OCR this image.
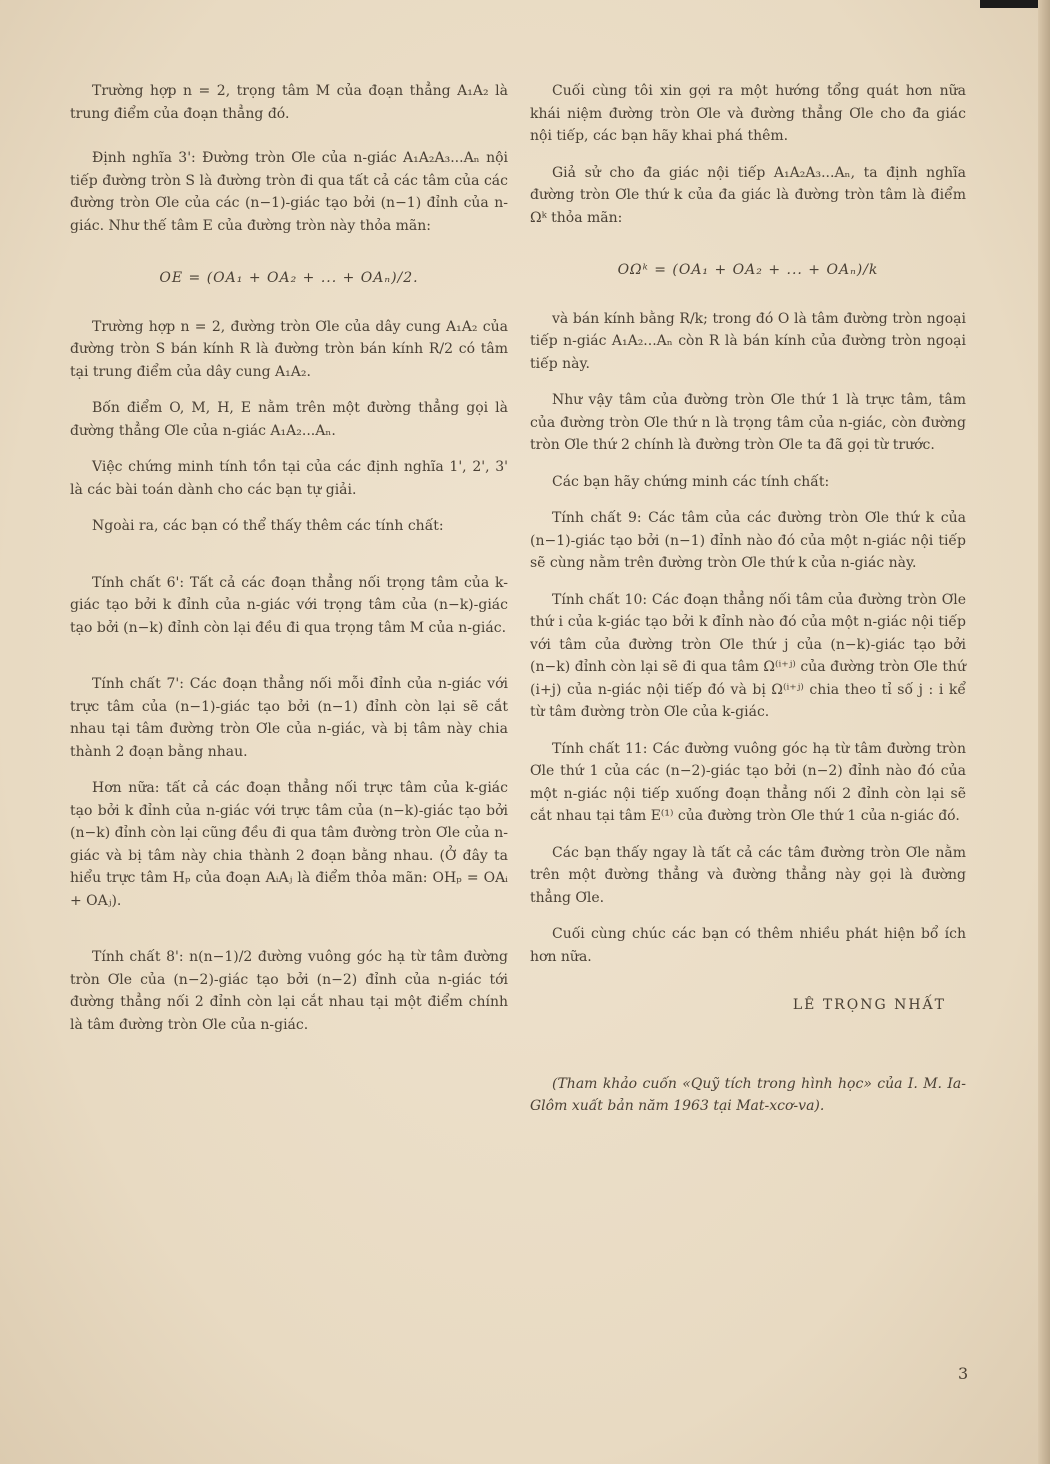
Trường hợp n = 2, trọng tâm M của đoạn thẳng A₁A₂ là trung điểm của đoạn thẳng đó.

Định nghĩa 3': Đường tròn Ơle của n-giác A₁A₂A₃...Aₙ nội tiếp đường tròn S là đường tròn đi qua tất cả các tâm của các đường tròn Ơle của các (n−1)-giác tạo bởi (n−1) đỉnh của n-giác. Như thế tâm E của đường tròn này thỏa mãn:

OE = (OA₁ + OA₂ + ... + OAₙ)/2.

Trường hợp n = 2, đường tròn Ơle của dây cung A₁A₂ của đường tròn S bán kính R là đường tròn bán kính R/2 có tâm tại trung điểm của dây cung A₁A₂.

Bốn điểm O, M, H, E nằm trên một đường thẳng gọi là đường thẳng Ơle của n-giác A₁A₂...Aₙ.

Việc chứng minh tính tồn tại của các định nghĩa 1', 2', 3' là các bài toán dành cho các bạn tự giải.

Ngoài ra, các bạn có thể thấy thêm các tính chất:

Tính chất 6': Tất cả các đoạn thẳng nối trọng tâm của k-giác tạo bởi k đỉnh của n-giác với trọng tâm của (n−k)-giác tạo bởi (n−k) đỉnh còn lại đều đi qua trọng tâm M của n-giác.

Tính chất 7': Các đoạn thẳng nối mỗi đỉnh của n-giác với trực tâm của (n−1)-giác tạo bởi (n−1) đỉnh còn lại sẽ cắt nhau tại tâm đường tròn Ơle của n-giác, và bị tâm này chia thành 2 đoạn bằng nhau.

Hơn nữa: tất cả các đoạn thẳng nối trực tâm của k-giác tạo bởi k đỉnh của n-giác với trực tâm của (n−k)-giác tạo bởi (n−k) đỉnh còn lại cũng đều đi qua tâm đường tròn Ơle của n-giác và bị tâm này chia thành 2 đoạn bằng nhau. (Ở đây ta hiểu trực tâm Hₚ của đoạn AᵢAⱼ là điểm thỏa mãn: OHₚ = OAᵢ + OAⱼ).

Tính chất 8': n(n−1)/2 đường vuông góc hạ từ tâm đường tròn Ơle của (n−2)-giác tạo bởi (n−2) đỉnh của n-giác tới đường thẳng nối 2 đỉnh còn lại cắt nhau tại một điểm chính là tâm đường tròn Ơle của n-giác.

Cuối cùng tôi xin gợi ra một hướng tổng quát hơn nữa khái niệm đường tròn Ơle và đường thẳng Ơle cho đa giác nội tiếp, các bạn hãy khai phá thêm.

Giả sử cho đa giác nội tiếp A₁A₂A₃...Aₙ, ta định nghĩa đường tròn Ơle thứ k của đa giác là đường tròn tâm là điểm Ωᵏ thỏa mãn:

OΩᵏ = (OA₁ + OA₂ + ... + OAₙ)/k

và bán kính bằng R/k; trong đó O là tâm đường tròn ngoại tiếp n-giác A₁A₂...Aₙ còn R là bán kính của đường tròn ngoại tiếp này.

Như vậy tâm của đường tròn Ơle thứ 1 là trực tâm, tâm của đường tròn Ơle thứ n là trọng tâm của n-giác, còn đường tròn Ơle thứ 2 chính là đường tròn Ơle ta đã gọi từ trước.

Các bạn hãy chứng minh các tính chất:

Tính chất 9: Các tâm của các đường tròn Ơle thứ k của (n−1)-giác tạo bởi (n−1) đỉnh nào đó của một n-giác nội tiếp sẽ cùng nằm trên đường tròn Ơle thứ k của n-giác này.

Tính chất 10: Các đoạn thẳng nối tâm của đường tròn Ơle thứ i của k-giác tạo bởi k đỉnh nào đó của một n-giác nội tiếp với tâm của đường tròn Ơle thứ j của (n−k)-giác tạo bởi (n−k) đỉnh còn lại sẽ đi qua tâm Ω⁽ⁱ⁺ʲ⁾ của đường tròn Ơle thứ (i+j) của n-giác nội tiếp đó và bị Ω⁽ⁱ⁺ʲ⁾ chia theo tỉ số j : i kể từ tâm đường tròn Ơle của k-giác.

Tính chất 11: Các đường vuông góc hạ từ tâm đường tròn Ơle thứ 1 của các (n−2)-giác tạo bởi (n−2) đỉnh nào đó của một n-giác nội tiếp xuống đoạn thẳng nối 2 đỉnh còn lại sẽ cắt nhau tại tâm E⁽¹⁾ của đường tròn Ơle thứ 1 của n-giác đó.

Các bạn thấy ngay là tất cả các tâm đường tròn Ơle nằm trên một đường thẳng và đường thẳng này gọi là đường thẳng Ơle.

Cuối cùng chúc các bạn có thêm nhiều phát hiện bổ ích hơn nữa.

LÊ TRỌNG NHẤT

(Tham khảo cuốn «Quỹ tích trong hình học» của I. M. Ia-Glôm xuất bản năm 1963 tại Mat-xcơ-va).

3
